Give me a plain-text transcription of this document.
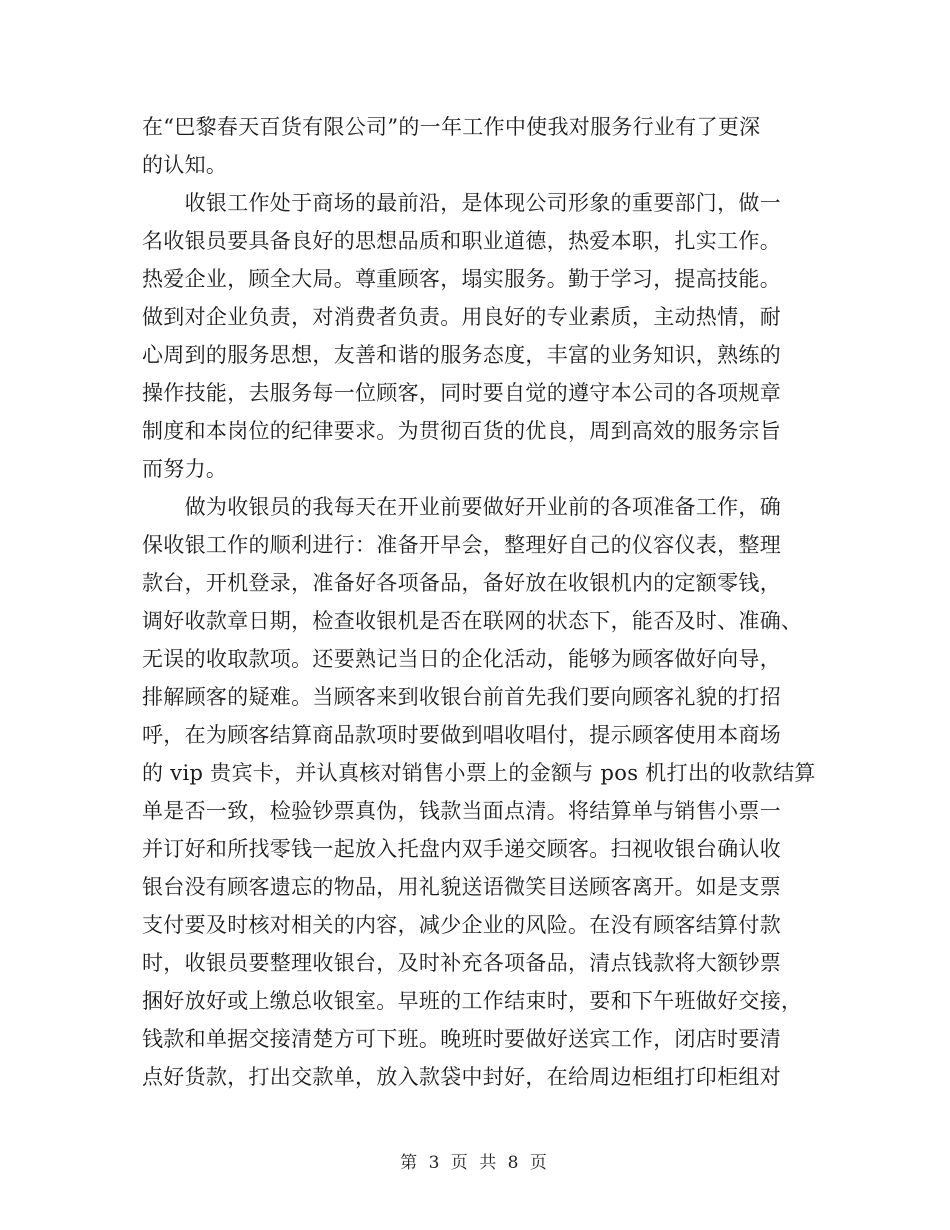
在“巴黎春天百货有限公司”的一年工作中使我对服务行业有了更深
的认知。
　　收银工作处于商场的最前沿，是体现公司形象的重要部门，做一
名收银员要具备良好的思想品质和职业道德，热爱本职，扎实工作。
热爱企业，顾全大局。尊重顾客，塌实服务。勤于学习，提高技能。
做到对企业负责，对消费者负责。用良好的专业素质，主动热情，耐
心周到的服务思想，友善和谐的服务态度，丰富的业务知识，熟练的
操作技能，去服务每一位顾客，同时要自觉的遵守本公司的各项规章
制度和本岗位的纪律要求。为贯彻百货的优良，周到高效的服务宗旨
而努力。
　　做为收银员的我每天在开业前要做好开业前的各项准备工作，确
保收银工作的顺利进行：准备开早会，整理好自己的仪容仪表，整理
款台，开机登录，准备好各项备品，备好放在收银机内的定额零钱，
调好收款章日期，检查收银机是否在联网的状态下，能否及时、准确、
无误的收取款项。还要熟记当日的企化活动，能够为顾客做好向导，
排解顾客的疑难。当顾客来到收银台前首先我们要向顾客礼貌的打招
呼，在为顾客结算商品款项时要做到唱收唱付，提示顾客使用本商场
的 vip 贵宾卡，并认真核对销售小票上的金额与 pos 机打出的收款结算
单是否一致，检验钞票真伪，钱款当面点清。将结算单与销售小票一
并订好和所找零钱一起放入托盘内双手递交顾客。扫视收银台确认收
银台没有顾客遗忘的物品，用礼貌送语微笑目送顾客离开。如是支票
支付要及时核对相关的内容，减少企业的风险。在没有顾客结算付款
时，收银员要整理收银台，及时补充各项备品，清点钱款将大额钞票
捆好放好或上缴总收银室。早班的工作结束时，要和下午班做好交接，
钱款和单据交接清楚方可下班。晚班时要做好送宾工作，闭店时要清
点好货款，打出交款单，放入款袋中封好，在给周边柜组打印柜组对
第 3 页 共 8 页
